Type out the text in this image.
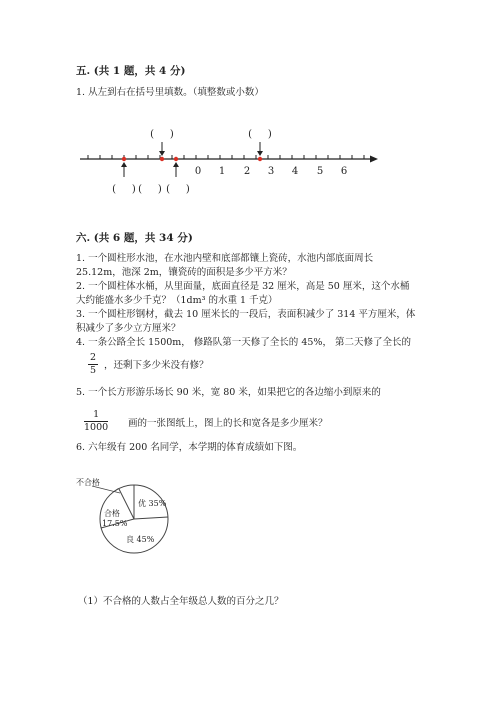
五. (共 1 题，共 4 分)
1. 从左到右在括号里填数。（填整数或小数）
0 1 2 3 4 5 6
(     )	(     )
(     ) (     ) (     )
六. (共 6 题，共 34 分)
1. 一个圆柱形水池，在水池内壁和底部都镶上瓷砖，水池内部底面周长
25.12m，池深 2m，镶瓷砖的面积是多少平方米？
2. 一个圆柱体水桶，从里面量，底面直径是 32 厘米，高是 50 厘米，这个水桶
大约能盛水多少千克？（1dm³ 的水重 1 千克）
3. 一个圆柱形钢材，截去 10 厘米长的一段后，表面积减少了 314 平方厘米，体
积减少了多少立方厘米？
4. 一条公路全长 1500m， 修路队第一天修了全长的 45%， 第二天修了全长的
$\frac{2}{5}$ ，还剩下多少米没有修？
5. 一个长方形游乐场长 90 米，宽 80 米，如果把它的各边缩小到原来的
$\frac{1}{1000}$ 画的一张图纸上，图上的长和宽各是多少厘米？
6. 六年级有 200 名同学，本学期的体育成绩如下图。
不合格
合格
17.5%
优 35%
良 45%
（1）不合格的人数占全年级总人数的百分之几？
